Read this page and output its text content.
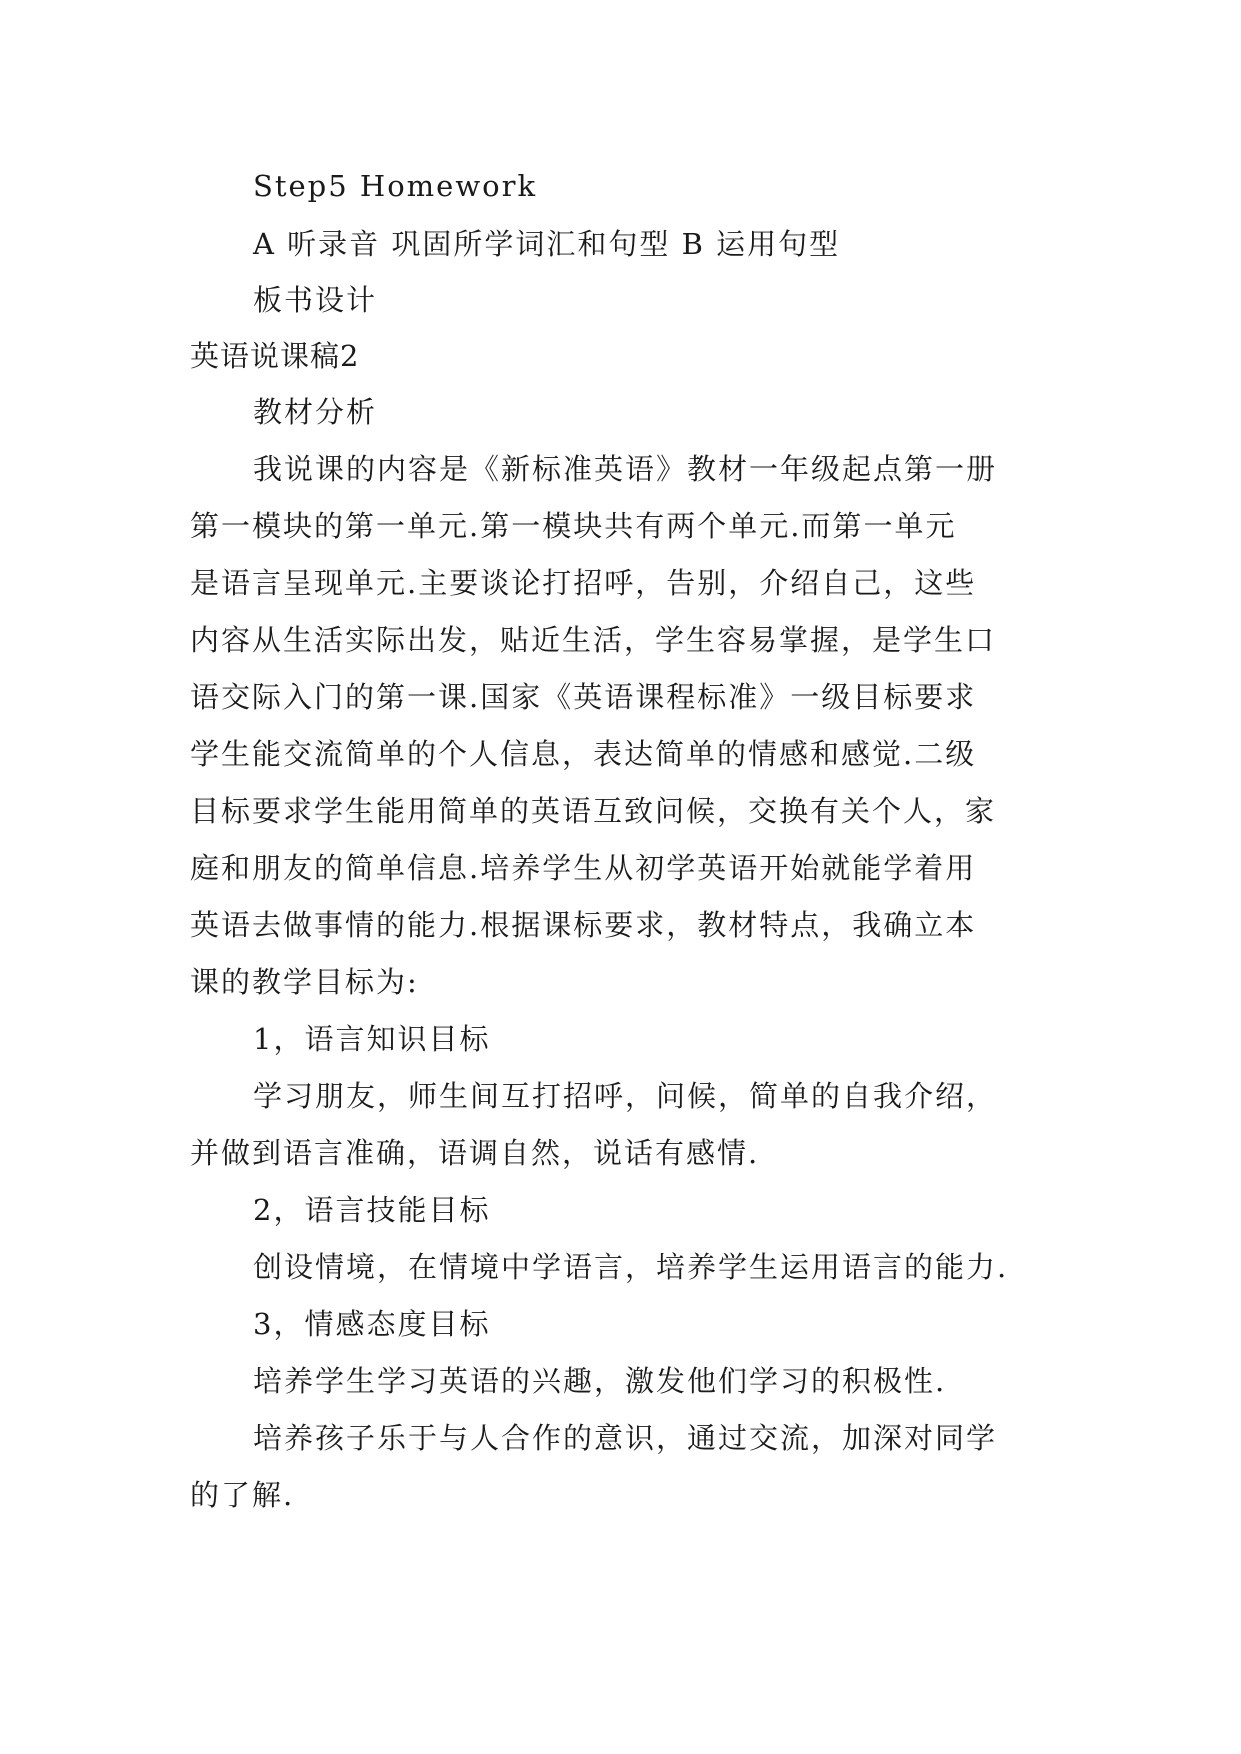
Step5 Homework
A 听录音 巩固所学词汇和句型 B 运用句型
板书设计
英语说课稿2
教材分析
我说课的内容是《新标准英语》教材一年级起点第一册
第一模块的第一单元.第一模块共有两个单元.而第一单元
是语言呈现单元.主要谈论打招呼，告别，介绍自己，这些
内容从生活实际出发，贴近生活，学生容易掌握，是学生口
语交际入门的第一课.国家《英语课程标准》一级目标要求
学生能交流简单的个人信息，表达简单的情感和感觉.二级
目标要求学生能用简单的英语互致问候，交换有关个人，家
庭和朋友的简单信息.培养学生从初学英语开始就能学着用
英语去做事情的能力.根据课标要求，教材特点，我确立本
课的教学目标为:
1，语言知识目标
学习朋友，师生间互打招呼，问候，简单的自我介绍，
并做到语言准确，语调自然，说话有感情.
2，语言技能目标
创设情境，在情境中学语言，培养学生运用语言的能力.
3，情感态度目标
培养学生学习英语的兴趣，激发他们学习的积极性.
培养孩子乐于与人合作的意识，通过交流，加深对同学
的了解.
